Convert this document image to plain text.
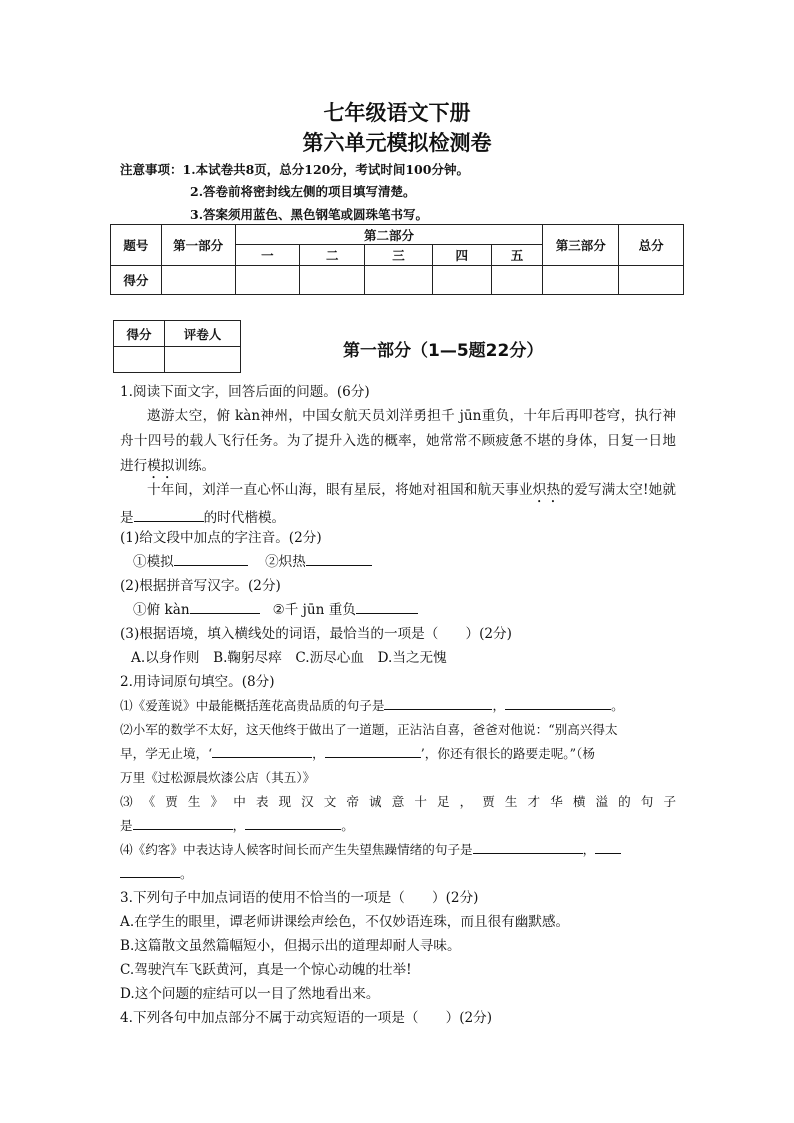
七年级语文下册
第六单元模拟检测卷
注意事项：1.本试卷共8页，总分120分，考试时间100分钟。
2.答卷前将密封线左侧的项目填写清楚。
3.答案须用蓝色、黑色钢笔或圆珠笔书写。
题号	第一部分	第二部分					第三部分	总分
		一	二	三	四	五		
得分								
得分	评卷人

第一部分（1—5题22分）
1.阅读下面文字，回答后面的问题。(6分)
遨游太空，俯 kàn神州，中国女航天员刘洋勇担千 jūn重负，十年后再叩苍穹，执行神舟十四号的载人飞行任务。为了提升入选的概率，她常常不顾疲惫不堪的身体，日复一日地进行模拟训练。
十年间，刘洋一直心怀山海，眼有星辰，将她对祖国和航天事业炽热的爱写满太空!她就是	的时代楷模。
(1)给文段中加点的字注音。(2分)
①模拟	②炽热
(2)根据拼音写汉字。(2分)
①俯 kàn	②千 jūn 重负
(3)根据语境，填入横线处的词语，最恰当的一项是（　　）(2分)
A.以身作则　B.鞠躬尽瘁　C.沥尽心血　D.当之无愧
2.用诗词原句填空。(8分)
⑴《爱莲说》中最能概括莲花高贵品质的句子是	，	。
⑵小军的数学不太好，这天他终于做出了一道题，正沾沾自喜，爸爸对他说：“别高兴得太
早，学无止境，‘	，	’，你还有很长的路要走呢。”（杨
万里《过松源晨炊漆公店（其五）》
⑶《贾生》中表现汉文帝诚意十足，贾生才华横溢的句子
是	，	。
⑷《约客》中表达诗人候客时间长而产生失望焦躁情绪的句子是	，
。
3.下列句子中加点词语的使用不恰当的一项是（　　）(2分)
A.在学生的眼里，谭老师讲课绘声绘色，不仅妙语连珠，而且很有幽默感。
B.这篇散文虽然篇幅短小，但揭示出的道理却耐人寻味。
C.驾驶汽车飞跃黄河，真是一个惊心动魄的壮举!
D.这个问题的症结可以一目了然地看出来。
4.下列各句中加点部分不属于动宾短语的一项是（　　）(2分)
